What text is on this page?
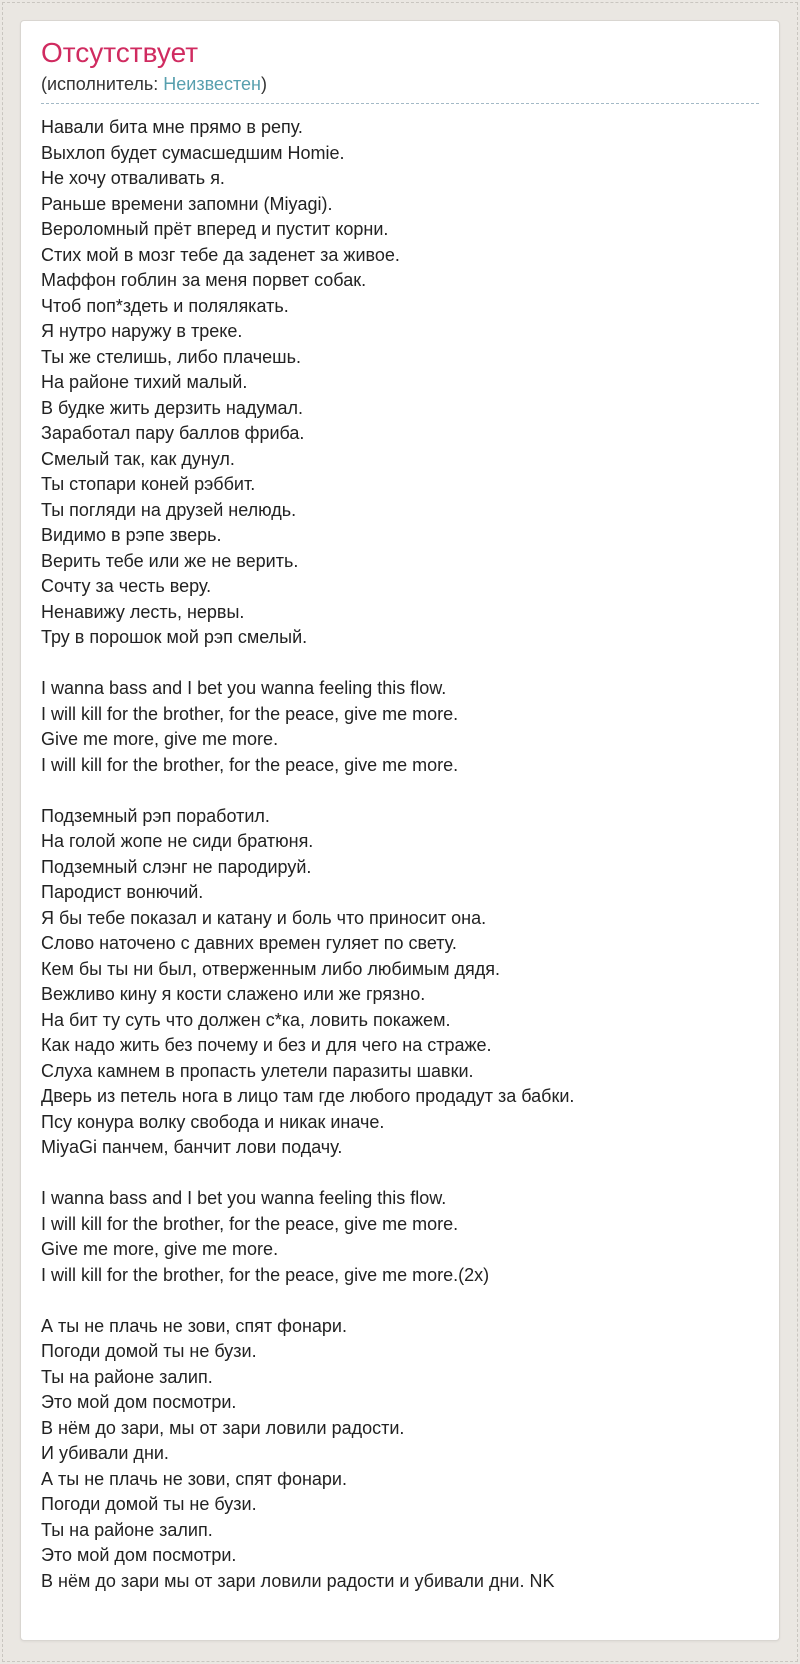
Отсутствует
(исполнитель: Неизвестен)
Навали бита мне прямо в репу.
Выхлоп будет сумасшедшим Homie.
Не хочу отваливать я.
Раньше времени запомни (Miyagi).
Вероломный прёт вперед и пустит корни.
Стих мой в мозг тебе да заденет за живое.
Маффон гоблин за меня порвет собак.
Чтоб поп*здеть и полялякать.
Я нутро наружу в треке.
Ты же стелишь, либо плачешь.
На районе тихий малый.
В будке жить дерзить надумал.
Заработал пару баллов фриба.
Смелый так, как дунул.
Ты стопари коней рэббит.
Ты погляди на друзей нелюдь.
Видимо в рэпе зверь.
Верить тебе или же не верить.
Сочту за честь веру.
Ненавижу лесть, нервы.
Тру в порошок мой рэп смелый.
I wanna bass and I bet you wanna feeling this flow.
I will kill for the brother, for the peace, give me more.
Give me more, give me more.
I will kill for the brother, for the peace, give me more.
Подземный рэп поработил.
На голой жопе не сиди братюня.
Подземный слэнг не пародируй.
Пародист вонючий.
Я бы тебе показал и катану и боль что приносит она.
Слово наточено с давних времен гуляет по свету.
Кем бы ты ни был, отверженным либо любимым дядя.
Вежливо кину я кости слажено или же грязно.
На бит ту суть что должен с*ка, ловить покажем.
Как надо жить без почему и без и для чего на страже.
Слуха камнем в пропасть улетели паразиты шавки.
Дверь из петель нога в лицо там где любого продадут за бабки.
Псу конура волку свобода и никак иначе.
MiyaGi панчем, банчит лови подачу.
I wanna bass and I bet you wanna feeling this flow.
I will kill for the brother, for the peace, give me more.
Give me more, give me more.
I will kill for the brother, for the peace, give me more.(2x)
А ты не плачь не зови, спят фонари.
Погоди домой ты не бузи.
Ты на районе залип.
Это мой дом посмотри.
В нём до зари, мы от зари ловили радости.
И убивали дни.
А ты не плачь не зови, спят фонари.
Погоди домой ты не бузи.
Ты на районе залип.
Это мой дом посмотри.
В нём до зари мы от зари ловили радости и убивали дни. NK
